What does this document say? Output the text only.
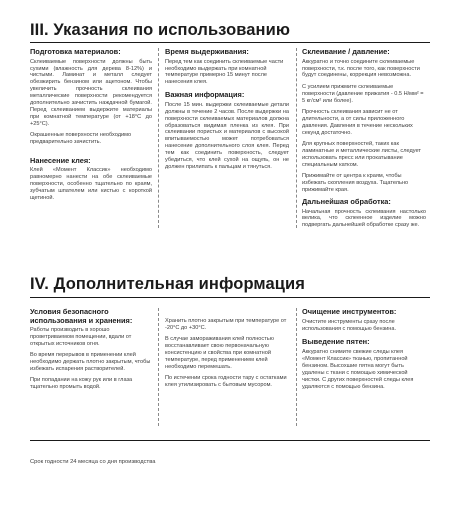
III. Указания по использованию
Подготовка материалов:

Склеиваемые поверхности должны быть сухими (влажность для дерева 8-12%) и чистыми. Ламинат и металл следует обезжирить бензином или ацетоном. Чтобы увеличить прочность склеивания металлические поверхности рекомендуется дополнительно зачистить наждачной бумагой. Перед склеиванием выдержите материалы при комнатной температуре (от +18°C до +25°C).

Окрашенные поверхности необходимо предварительно зачистить.

Нанесение клея:

Клей «Момент Классик» необходимо равномерно нанести на обе склеиваемые поверхности, особенно тщательно по краям, зубчатым шпателем или кистью с короткой щетиной.

Время выдерживания:

Перед тем как соединить склеиваемые части необходимо выдержать при комнатной температуре примерно 15 минут после нанесения клея.

Важная информация:

После 15 мин. выдержки склеиваемые детали должны в течение 2 часов. После выдержки на поверхности склеиваемых материалов должна образоваться видимая пленка из клея. При склеивании пористых и материалов с высокой впитываемостью может потребоваться нанесение дополнительного слоя клея. Перед тем как соединить поверхность, следует убедиться, что клей сухой на ощупь, он не должен прилипать к пальцам и тянуться.

Склеивание / давление:

Аккуратно и точно соедините склеиваемые поверхности, т.к. после того, как поверхности будут соединены, коррекция невозможна.

С усилием прижмите склеиваемые поверхности (давление прижатия - 0.5 Н/мм² = 5 кг/см² или более).

Прочность склеивания зависит не от длительности, а от силы приложенного давления. Давления в течение нескольких секунд достаточно.

Для крупных поверхностей, таких как ламинатные и металлические листы, следует использовать пресс или прокатывание специальным катком.

Прижимайте от центра к краям, чтобы избежать скопления воздуха. Тщательно прижимайте края.

Дальнейшая обработка:

Начальная прочность склеивания настолько велика, что склеенное изделие можно подвергать дальнейшей обработке сразу же.

IV. Дополнительная информация
Условия безопасного использования и хранения:

Работы производить в хорошо проветриваемом помещении, вдали от открытых источников огня.

Во время перерывов в применении клей необходимо держать плотно закрытым, чтобы избежать испарения растворителей.

При попадании на кожу рук или в глаза тщательно промыть водой.

Хранить плотно закрытым при температуре от -20°C до +30°C.

В случае замораживания клей полностью восстанавливает свою первоначальную консистенцию и свойства при комнатной температуре, перед применением клей необходимо перемешать.

По истечении срока годности тару с остатками клея утилизировать с бытовым мусором.

Очищение инструментов:

Очистите инструменты сразу после использования с помощью бензина.

Выведение пятен:

Аккуратно снимите свежие следы клея «Момент Классик» тканью, пропитанной бензином. Высохшие пятна могут быть удалены с ткани с помощью химической чистки. С других поверхностей следы клея удаляются с помощью бензина.

Срок годности 24 месяца со дня производства
